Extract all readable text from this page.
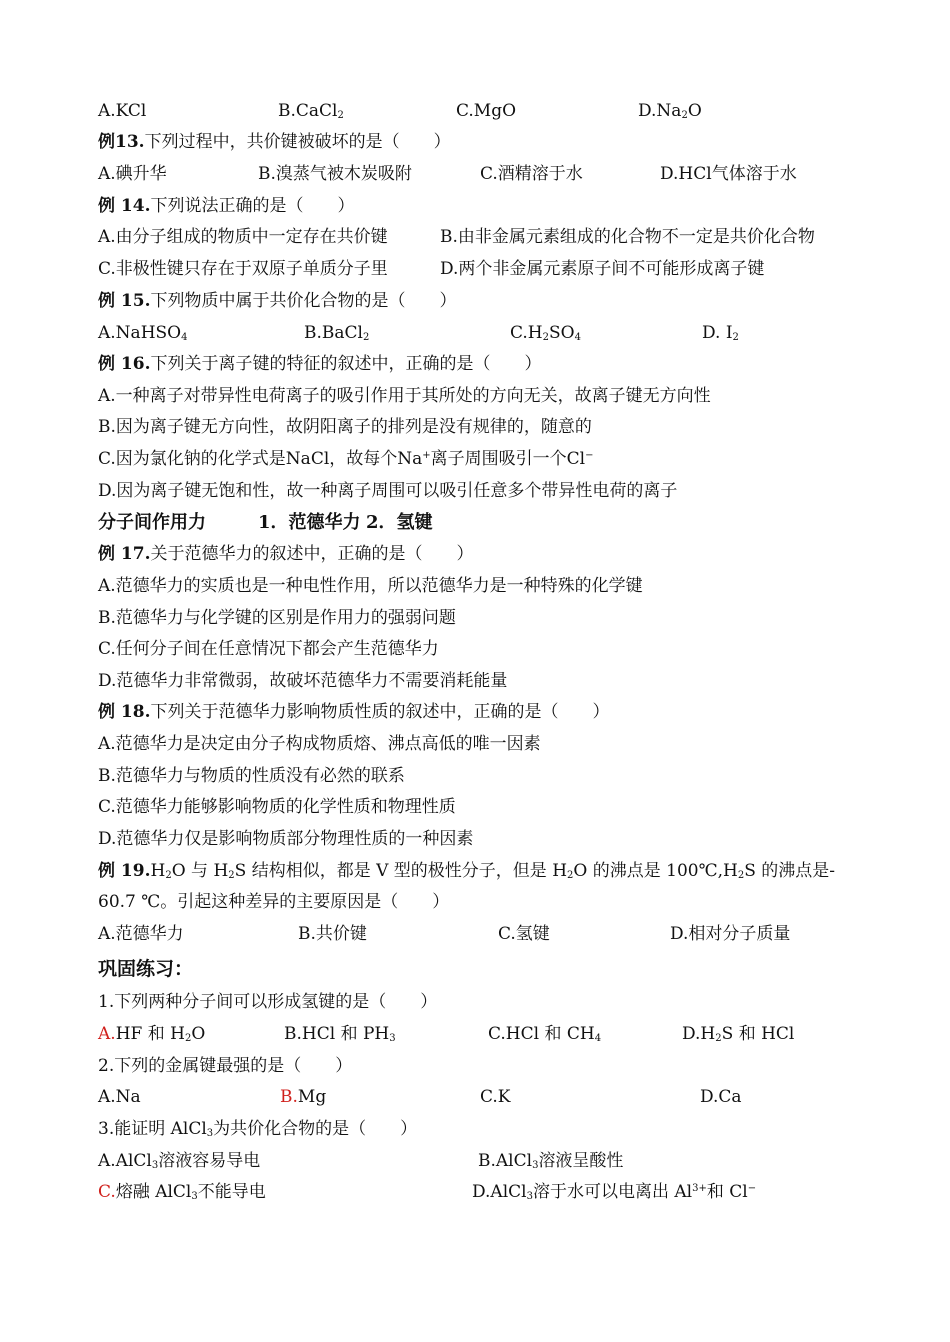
A.KCl	B.CaCl$_2$	C.MgO	$D.Na_2O$
例13.下列过程中，共价键被破坏的是（　　）
A.碘升华	B.溴蒸气被木炭吸附	C.酒精溶于水	D.HCl气体溶于水
例 14.下列说法正确的是（　　）
A.由分子组成的物质中一定存在共价键	B.由非金属元素组成的化合物不一定是共价化合物
C.非极性键只存在于双原子单质分子里	D.两个非金属元素原子间不可能形成离子键
例 15.下列物质中属于共价化合物的是（　　）
A.NaHSO$_4$	B.BaCl$_2$	$C.H_2SO_4$	D. $I_2$
例 16.下列关于离子键的特征的叙述中，正确的是（　　）
A.一种离子对带异性电荷离子的吸引作用于其所处的方向无关，故离子键无方向性
B.因为离子键无方向性，故阴阳离子的排列是没有规律的，随意的
C.因为氯化钠的化学式是NaCl，故每个Na+离子周围吸引一个Cl−
D.因为离子键无饱和性，故一种离子周围可以吸引任意多个带异性电荷的离子
分子间作用力	1．范德华力 2．氢键
例 17.关于范德华力的叙述中，正确的是（　　）
A.范德华力的实质也是一种电性作用，所以范德华力是一种特殊的化学键
B.范德华力与化学键的区别是作用力的强弱问题
C.任何分子间在任意情况下都会产生范德华力
D.范德华力非常微弱，故破坏范德华力不需要消耗能量
例 18.下列关于范德华力影响物质性质的叙述中，正确的是（　　）
A.范德华力是决定由分子构成物质熔、沸点高低的唯一因素
B.范德华力与物质的性质没有必然的联系
C.范德华力能够影响物质的化学性质和物理性质
D.范德华力仅是影响物质部分物理性质的一种因素
例 $19.H_2O$ 与 $H_2S$ 结构相似，都是 V 型的极性分子，但是 $H_2O$ 的沸点是 $100℃,H_2S$ 的沸点是-
60.7 ℃。引起这种差异的主要原因是（　　）
A.范德华力	B.共价键	C.氢键	D.相对分子质量
巩固练习：
1.下列两种分子间可以形成氢键的是（　　）
A.HF 和 $H_2O$	B.HCl 和 $PH_3$	C.HCl 和 $CH_4$	$D.H_2S$ 和 HCl
2.下列的金属键最强的是（　　）
A.Na	B.Mg	C.K	D.Ca
3.能证明 AlCl$_3$为共价化合物的是（　　）
A.AlCl$_3$溶液容易导电	B.AlCl$_3$溶液呈酸性
C.熔融 AlCl$_3$不能导电	D.AlCl$_3$溶于水可以电离出 $Al^{3+}$和 Cl−
